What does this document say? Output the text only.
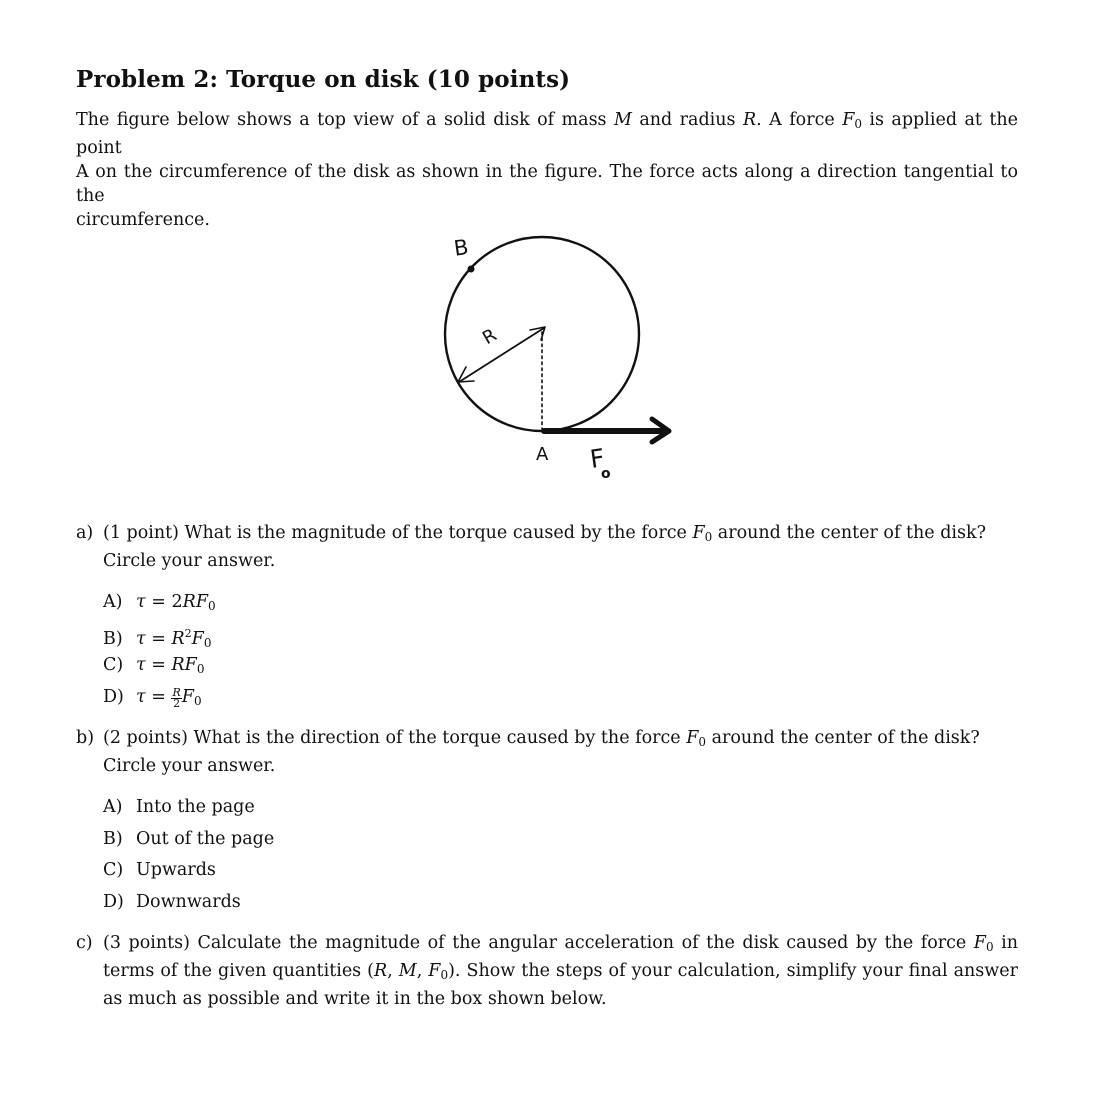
Problem 2: Torque on disk (10 points)

The figure below shows a top view of a solid disk of mass M and radius R. A force $F_0$ is applied at the point
A on the circumference of the disk as shown in the figure. The force acts along a direction tangential to the
circumference.

B
R
A F
o
a) (1 point) What is the magnitude of the torque caused by the force $F_0$ around the center of the disk? Circle your answer.
A) $\tau = 2RF_0$
B) $\tau = R^2F_0$
C) $\tau = RF_0$
D) $\tau = \frac{R}{2} F_0$
b) (2 points) What is the direction of the torque caused by the force $F_0$ around the center of the disk? Circle your answer.
A) Into the page
B) Out of the page
C) Upwards
D) Downwards
c) (3 points) Calculate the magnitude of the angular acceleration of the disk caused by the force $F_0$ in terms of the given quantities (R, M, $F_0$). Show the steps of your calculation, simplify your final answer as much as possible and write it in the box shown below.
